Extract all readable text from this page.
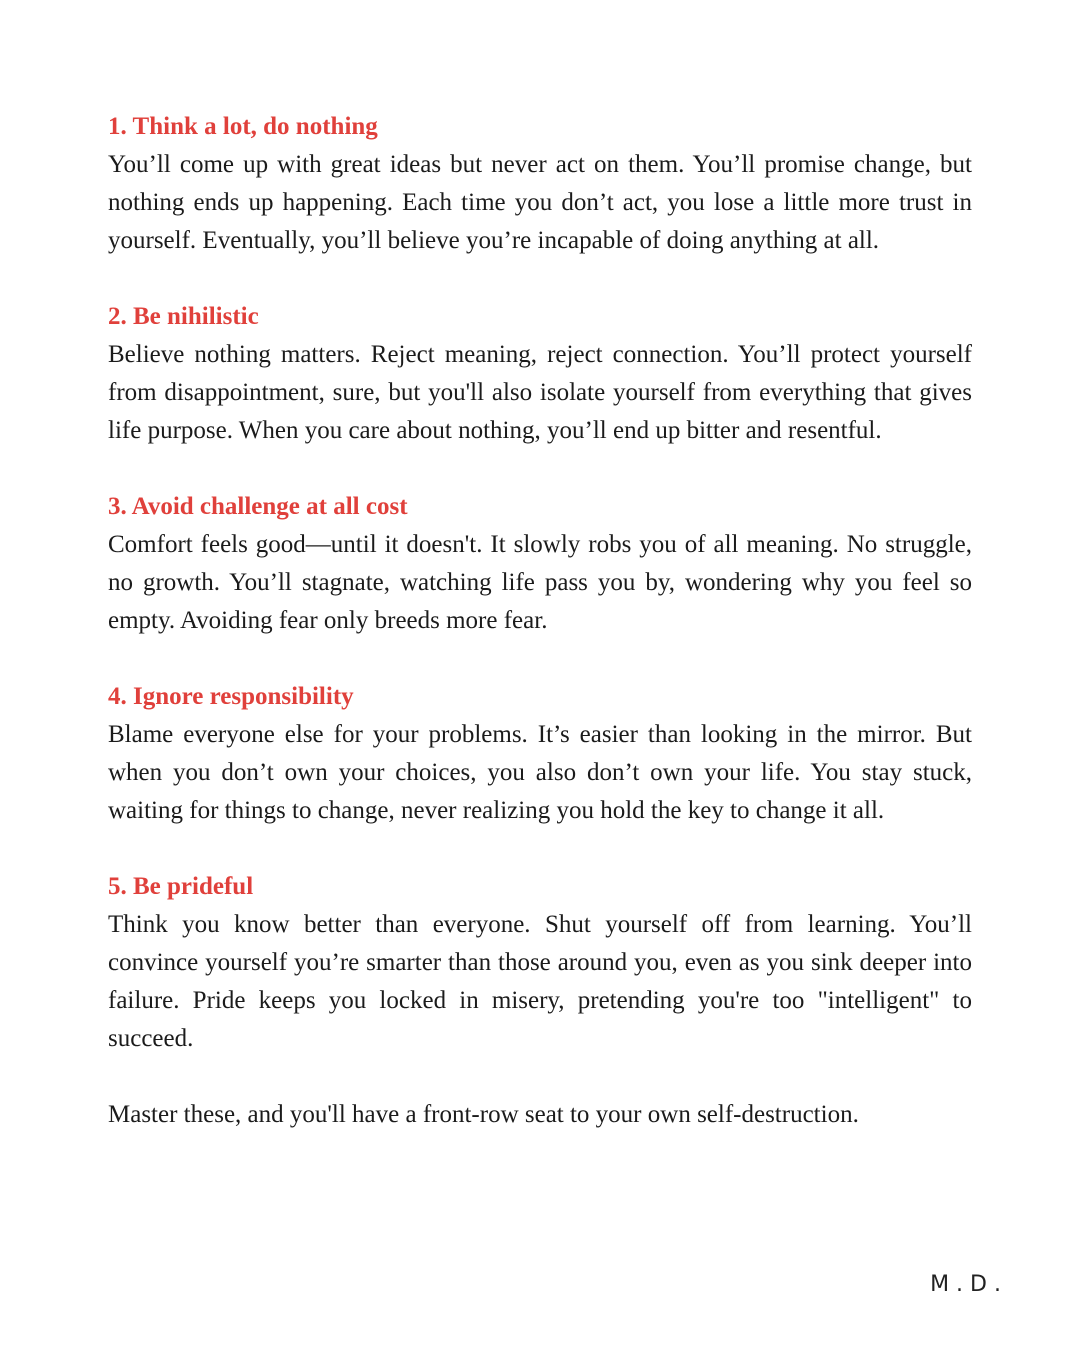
1. Think a lot, do nothing

You’ll come up with great ideas but never act on them. You’ll promise change, but nothing ends up happening. Each time you don’t act, you lose a little more trust in yourself. Eventually, you’ll believe you’re incapable of doing anything at all.

2. Be nihilistic

Believe nothing matters. Reject meaning, reject connection. You’ll protect yourself from disappointment, sure, but you'll also isolate yourself from everything that gives life purpose. When you care about nothing, you’ll end up bitter and resentful.

3. Avoid challenge at all cost

Comfort feels good—until it doesn't. It slowly robs you of all meaning. No struggle, no growth. You’ll stagnate, watching life pass you by, wondering why you feel so empty. Avoiding fear only breeds more fear.

4. Ignore responsibility

Blame everyone else for your problems. It’s easier than looking in the mirror. But when you don’t own your choices, you also don’t own your life. You stay stuck, waiting for things to change, never realizing you hold the key to change it all.

5. Be prideful

Think you know better than everyone. Shut yourself off from learning. You’ll convince yourself you’re smarter than those around you, even as you sink deeper into failure. Pride keeps you locked in misery, pretending you're too "intelligent" to succeed.

Master these, and you'll have a front-row seat to your own self-destruction.

M.D.
